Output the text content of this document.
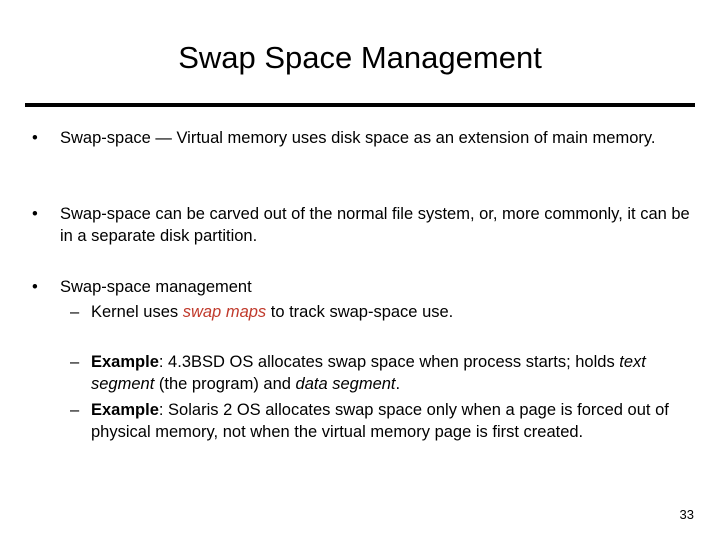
Swap Space Management
• Swap-space — Virtual memory uses disk space as an extension of main memory.
• Swap-space can be carved out of the normal file system, or, more commonly, it can be in a separate disk partition.
• Swap-space management
– Kernel uses swap maps to track swap-space use.
– Example: 4.3BSD OS allocates swap space when process starts; holds text segment (the program) and data segment.
– Example: Solaris 2 OS allocates swap space only when a page is forced out of physical memory, not when the virtual memory page is first created.
33
